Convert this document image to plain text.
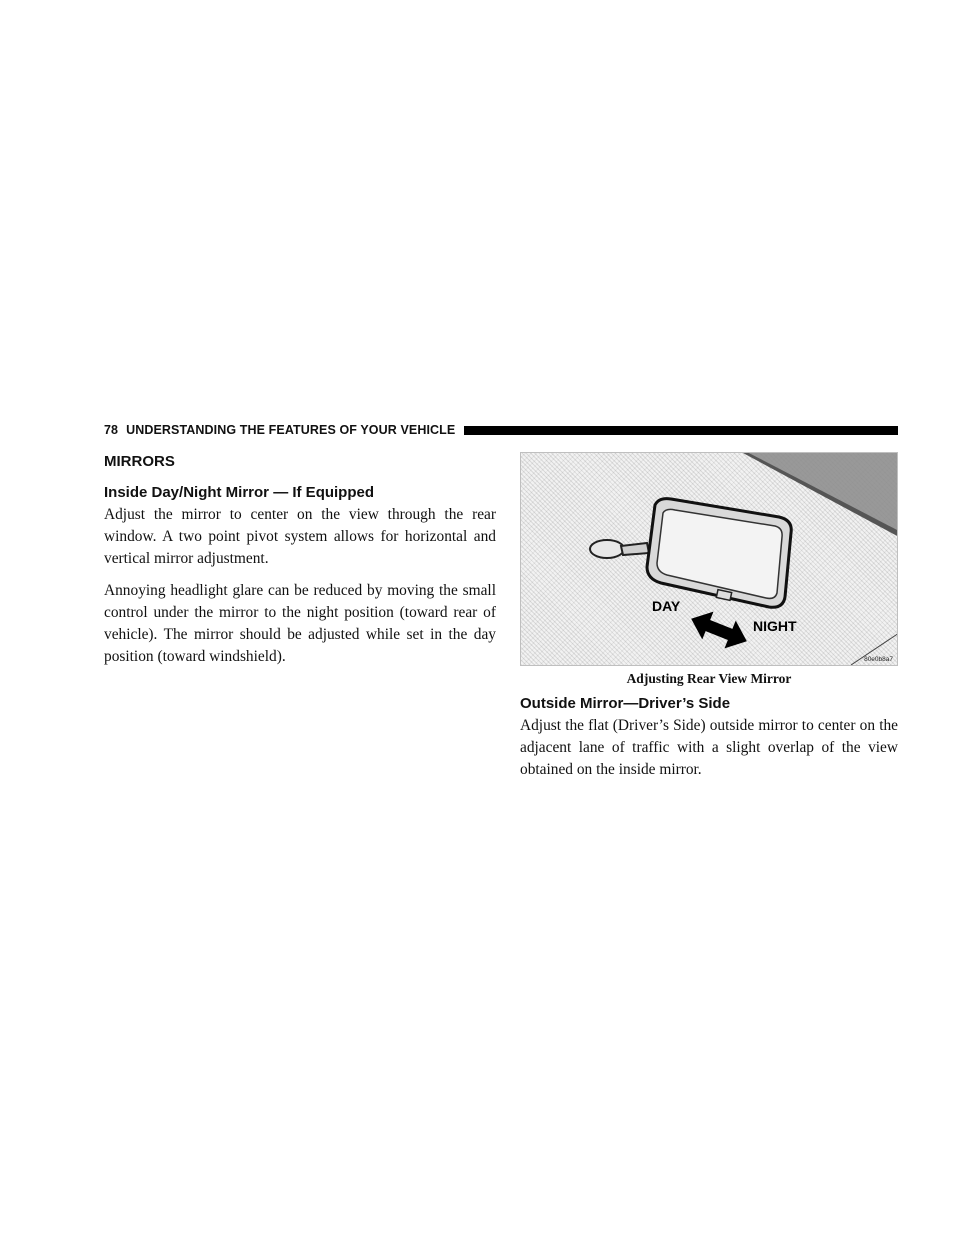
78 UNDERSTANDING THE FEATURES OF YOUR VEHICLE
MIRRORS
Inside Day/Night Mirror — If Equipped

Adjust the mirror to center on the view through the rear window. A two point pivot system allows for horizontal and vertical mirror adjustment.

Annoying headlight glare can be reduced by moving the small control under the mirror to the night position (toward rear of vehicle). The mirror should be adjusted while set in the day position (toward windshield).

DAY
NIGHT
80e0b8a7
Adjusting Rear View Mirror
Outside Mirror—Driver’s Side

Adjust the flat (Driver’s Side) outside mirror to center on the adjacent lane of traffic with a slight overlap of the view obtained on the inside mirror.
